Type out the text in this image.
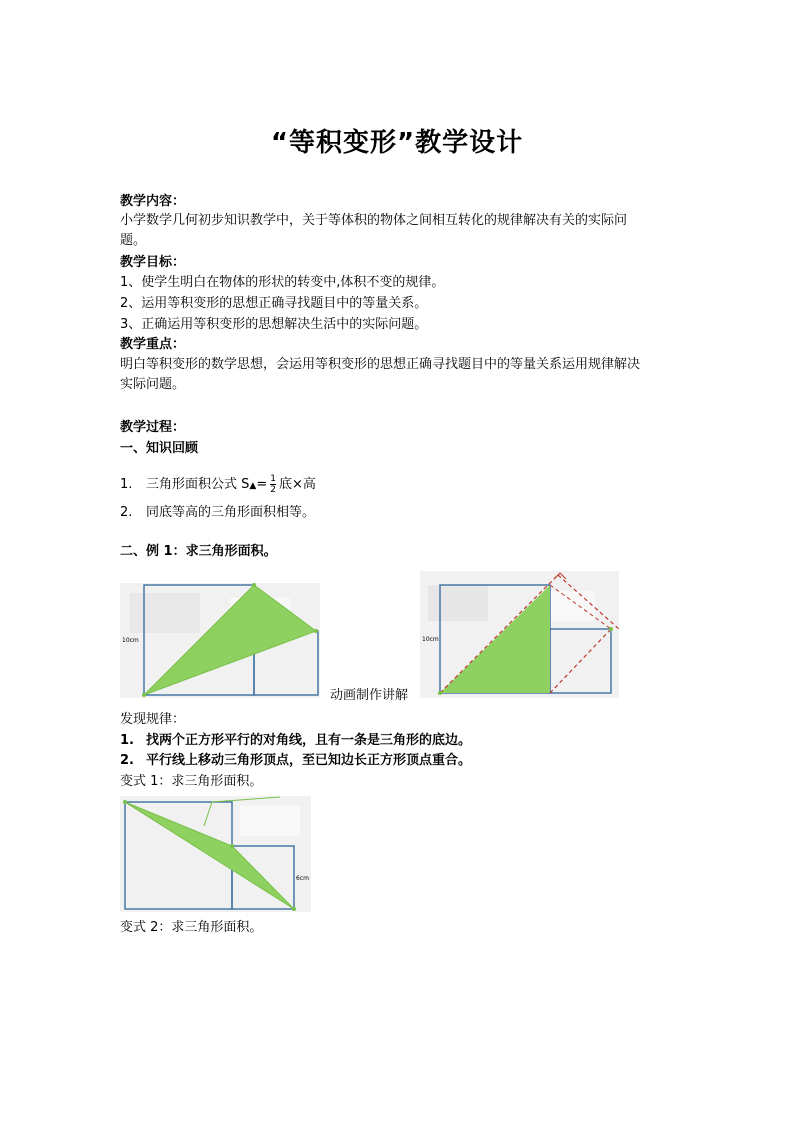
“等积变形”教学设计
教学内容：
小学数学几何初步知识教学中，关于等体积的物体之间相互转化的规律解决有关的实际问题。
教学目标：
1、使学生明白在物体的形状的转变中,体积不变的规律。
2、运用等积变形的思想正确寻找题目中的等量关系。
3、正确运用等积变形的思想解决生活中的实际问题。
教学重点：
明白等积变形的数学思想，会运用等积变形的思想正确寻找题目中的等量关系运用规律解决实际问题。
教学过程：
一、知识回顾
1. 三角形面积公式 S▲= $\frac{1}{2}$ 底×高
2. 同底等高的三角形面积相等。
二、例 1：求三角形面积。
10cm
动画制作讲解
10cm
发现规律：
1. 找两个正方形平行的对角线，且有一条是三角形的底边。
2. 平行线上移动三角形顶点，至已知边长正方形顶点重合。
变式 1：求三角形面积。
6cm
变式 2：求三角形面积。
